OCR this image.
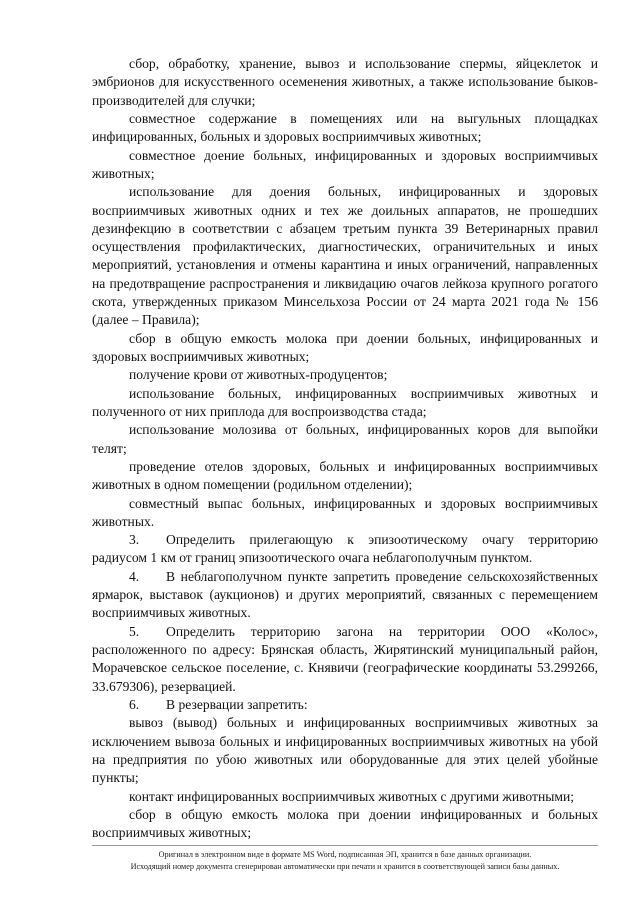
сбор, обработку, хранение, вывоз и использование спермы, яйцеклеток и эмбрионов для искусственного осеменения животных, а также использование быков-производителей для случки;

совместное содержание в помещениях или на выгульных площадках инфицированных, больных и здоровых восприимчивых животных;

совместное доение больных, инфицированных и здоровых восприимчивых животных;

использование для доения больных, инфицированных и здоровых восприимчивых животных одних и тех же доильных аппаратов, не прошедших дезинфекцию в соответствии с абзацем третьим пункта 39 Ветеринарных правил осуществления профилактических, диагностических, ограничительных и иных мероприятий, установления и отмены карантина и иных ограничений, направленных на предотвращение распространения и ликвидацию очагов лейкоза крупного рогатого скота, утвержденных приказом Минсельхоза России от 24 марта 2021 года № 156 (далее – Правила);

сбор в общую емкость молока при доении больных, инфицированных и здоровых восприимчивых животных;

получение крови от животных-продуцентов;

использование больных, инфицированных восприимчивых животных и полученного от них приплода для воспроизводства стада;

использование молозива от больных, инфицированных коров для выпойки телят;

проведение отелов здоровых, больных и инфицированных восприимчивых животных в одном помещении (родильном отделении);

совместный выпас больных, инфицированных и здоровых восприимчивых животных.

3. Определить прилегающую к эпизоотическому очагу территорию радиусом 1 км от границ эпизоотического очага неблагополучным пунктом.

4. В неблагополучном пункте запретить проведение сельскохозяйственных ярмарок, выставок (аукционов) и других мероприятий, связанных с перемещением восприимчивых животных.

5. Определить территорию загона на территории ООО «Колос», расположенного по адресу: Брянская область, Жирятинский муниципальный район, Морачевское сельское поселение, с. Княвичи (географические координаты 53.299266, 33.679306), резервацией.

6. В резервации запретить:

вывоз (вывод) больных и инфицированных восприимчивых животных за исключением вывоза больных и инфицированных восприимчивых животных на убой на предприятия по убою животных или оборудованные для этих целей убойные пункты;

контакт инфицированных восприимчивых животных с другими животными;

сбор в общую емкость молока при доении инфицированных и больных восприимчивых животных;

Оригинал в электронном виде в формате MS Word, подписанная ЭП, хранится в базе данных организации.
Исходящий номер документа сгенерирован автоматически при печати и хранится в соответствующей записи базы данных.
